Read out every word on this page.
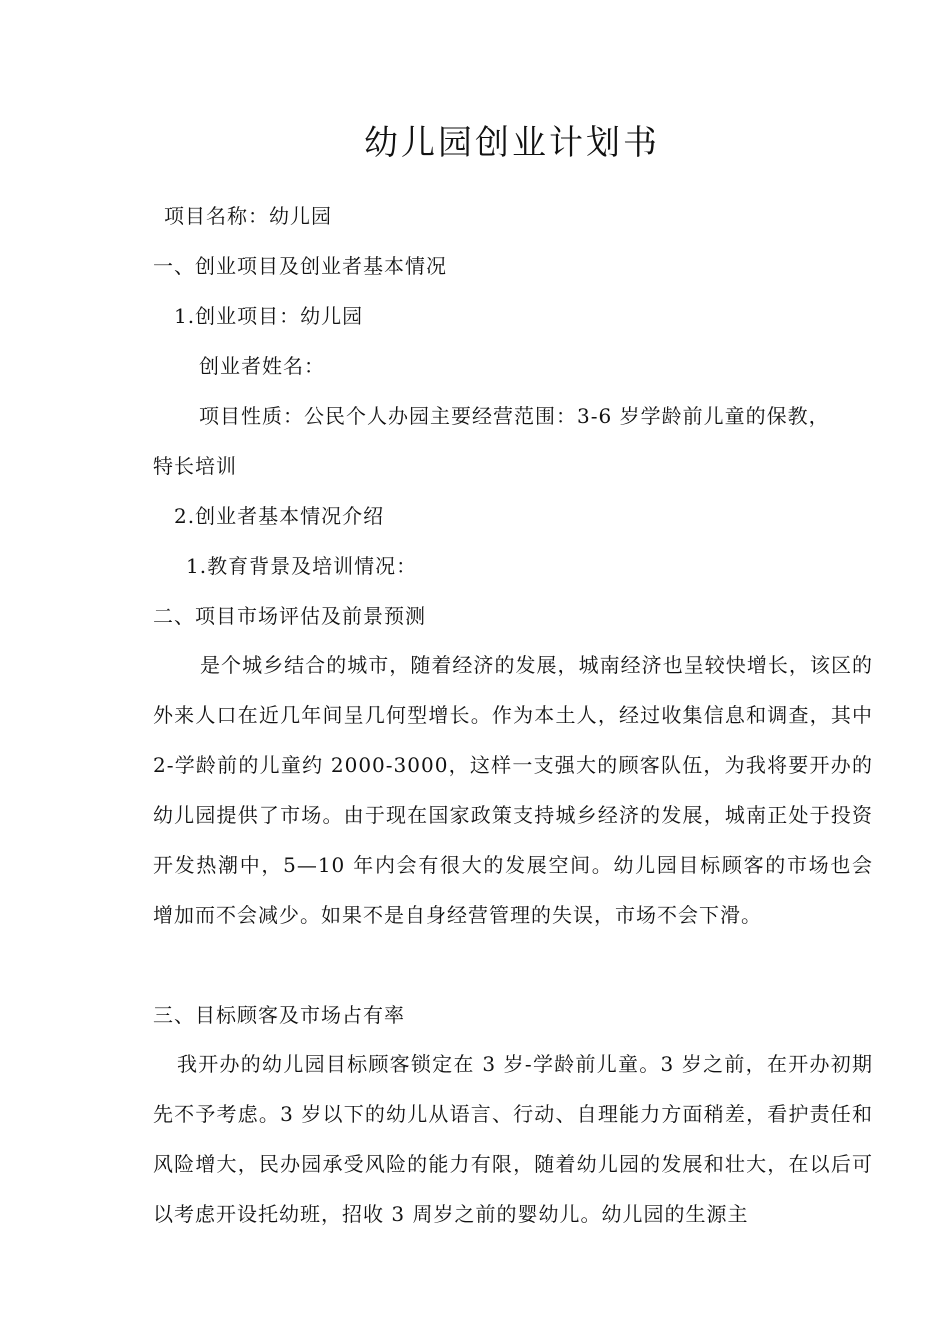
幼儿园创业计划书
项目名称：幼儿园
一、创业项目及创业者基本情况
1.创业项目：幼儿园
创业者姓名：
项目性质：公民个人办园主要经营范围：3-6 岁学龄前儿童的保教，
特长培训
2.创业者基本情况介绍
1.教育背景及培训情况：
二、项目市场评估及前景预测
是个城乡结合的城市，随着经济的发展，城南经济也呈较快增长，该区的外来人口在近几年间呈几何型增长。作为本土人，经过收集信息和调查，其中 2-学龄前的儿童约 2000-3000，这样一支强大的顾客队伍，为我将要开办的幼儿园提供了市场。由于现在国家政策支持城乡经济的发展，城南正处于投资开发热潮中，5—10 年内会有很大的发展空间。幼儿园目标顾客的市场也会增加而不会减少。如果不是自身经营管理的失误，市场不会下滑。
三、目标顾客及市场占有率
我开办的幼儿园目标顾客锁定在 3 岁-学龄前儿童。3 岁之前，在开办初期先不予考虑。3 岁以下的幼儿从语言、行动、自理能力方面稍差，看护责任和风险增大，民办园承受风险的能力有限，随着幼儿园的发展和壮大，在以后可以考虑开设托幼班，招收 3 周岁之前的婴幼儿。幼儿园的生源主
